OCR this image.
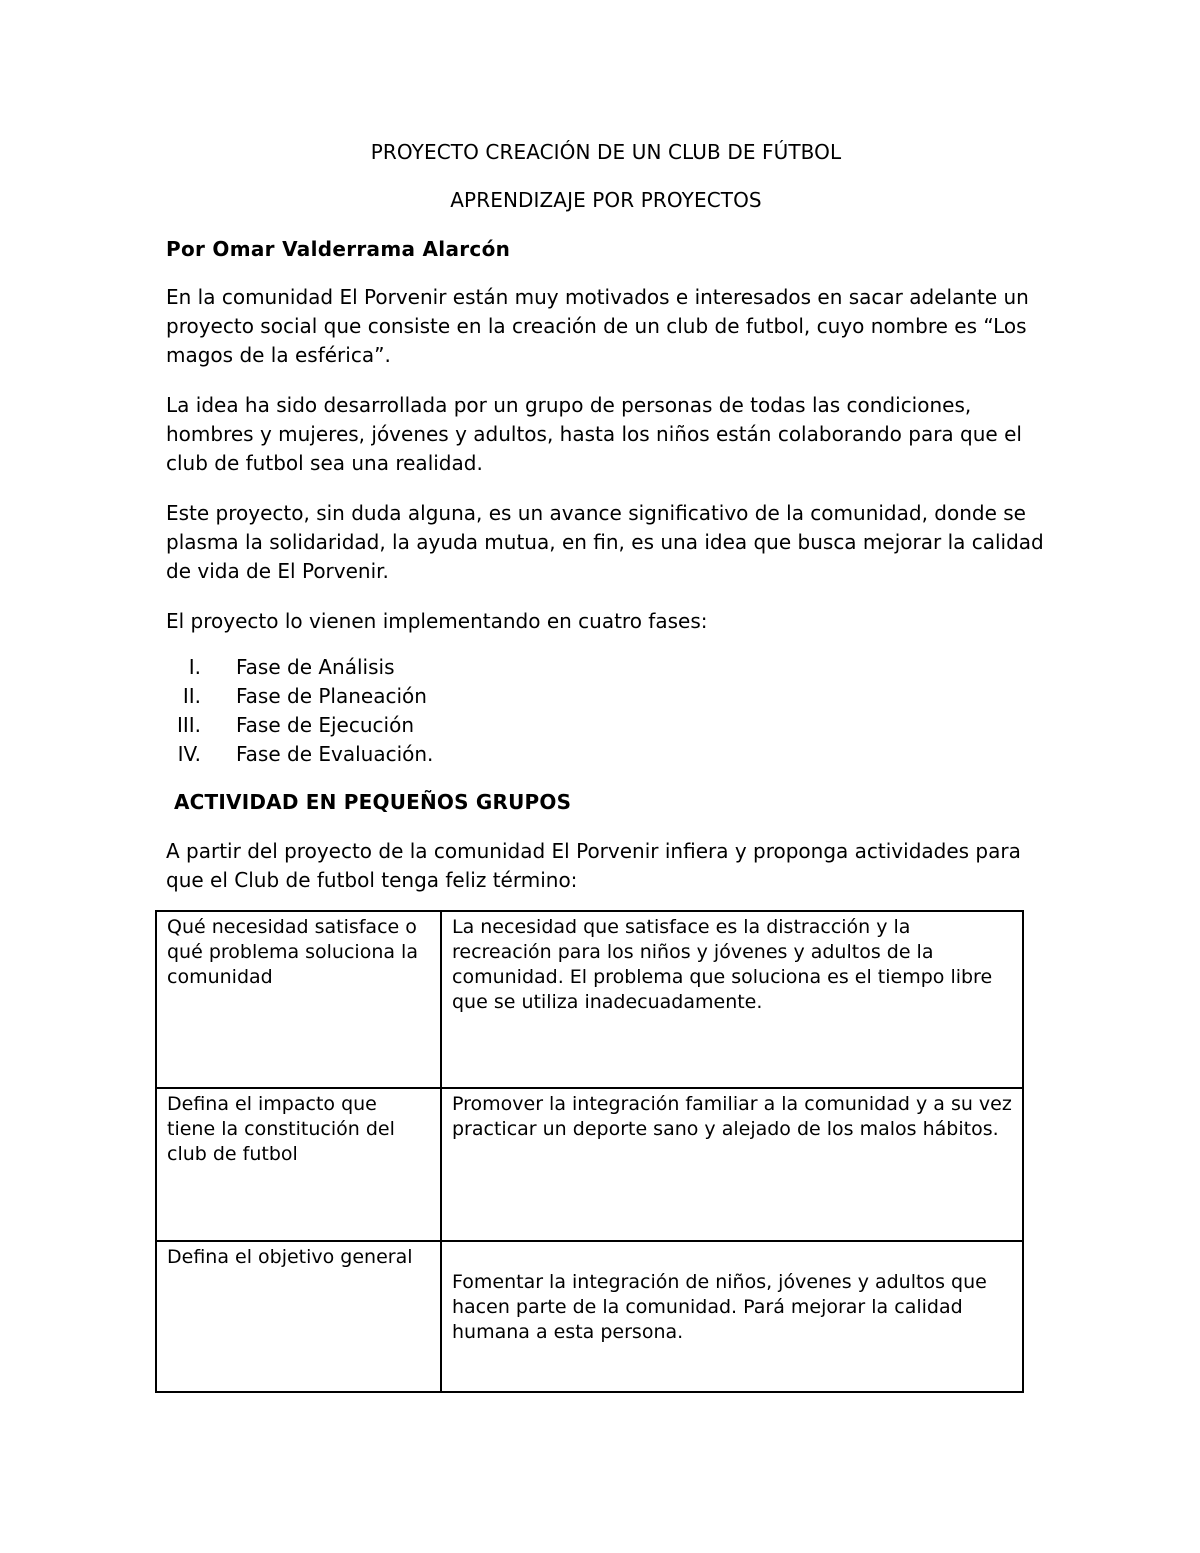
PROYECTO CREACIÓN DE UN CLUB DE FÚTBOL
APRENDIZAJE POR PROYECTOS

Por Omar Valderrama Alarcón

En la comunidad El Porvenir están muy motivados e interesados en sacar adelante un proyecto social que consiste en la creación de un club de futbol, cuyo nombre es “Los magos de la esférica”.

La idea ha sido desarrollada por un grupo de personas de todas las condiciones, hombres y mujeres, jóvenes y adultos, hasta los niños están colaborando para que el club de futbol sea una realidad.

Este proyecto, sin duda alguna, es un avance significativo de la comunidad, donde se plasma la solidaridad, la ayuda mutua, en fin, es una idea que busca mejorar la calidad de vida de El Porvenir.

El proyecto lo vienen implementando en cuatro fases:

I.	Fase de Análisis
II.	Fase de Planeación
III.	Fase de Ejecución
IV.	Fase de Evaluación.
ACTIVIDAD EN PEQUEÑOS GRUPOS

A partir del proyecto de la comunidad El Porvenir infiera y proponga actividades para que el Club de futbol tenga feliz término:

Qué necesidad satisface o qué problema soluciona la comunidad	La necesidad que satisface es la distracción y la recreación para los niños y jóvenes y adultos de la comunidad. El problema que soluciona es el tiempo libre que se utiliza inadecuadamente.
Defina el impacto que tiene la constitución del club de futbol	Promover la integración familiar a la comunidad y a su vez practicar un deporte sano y alejado de los malos hábitos.
Defina el objetivo general	Fomentar la integración de niños, jóvenes y adultos que hacen parte de la comunidad. Pará mejorar la calidad humana a esta persona.
